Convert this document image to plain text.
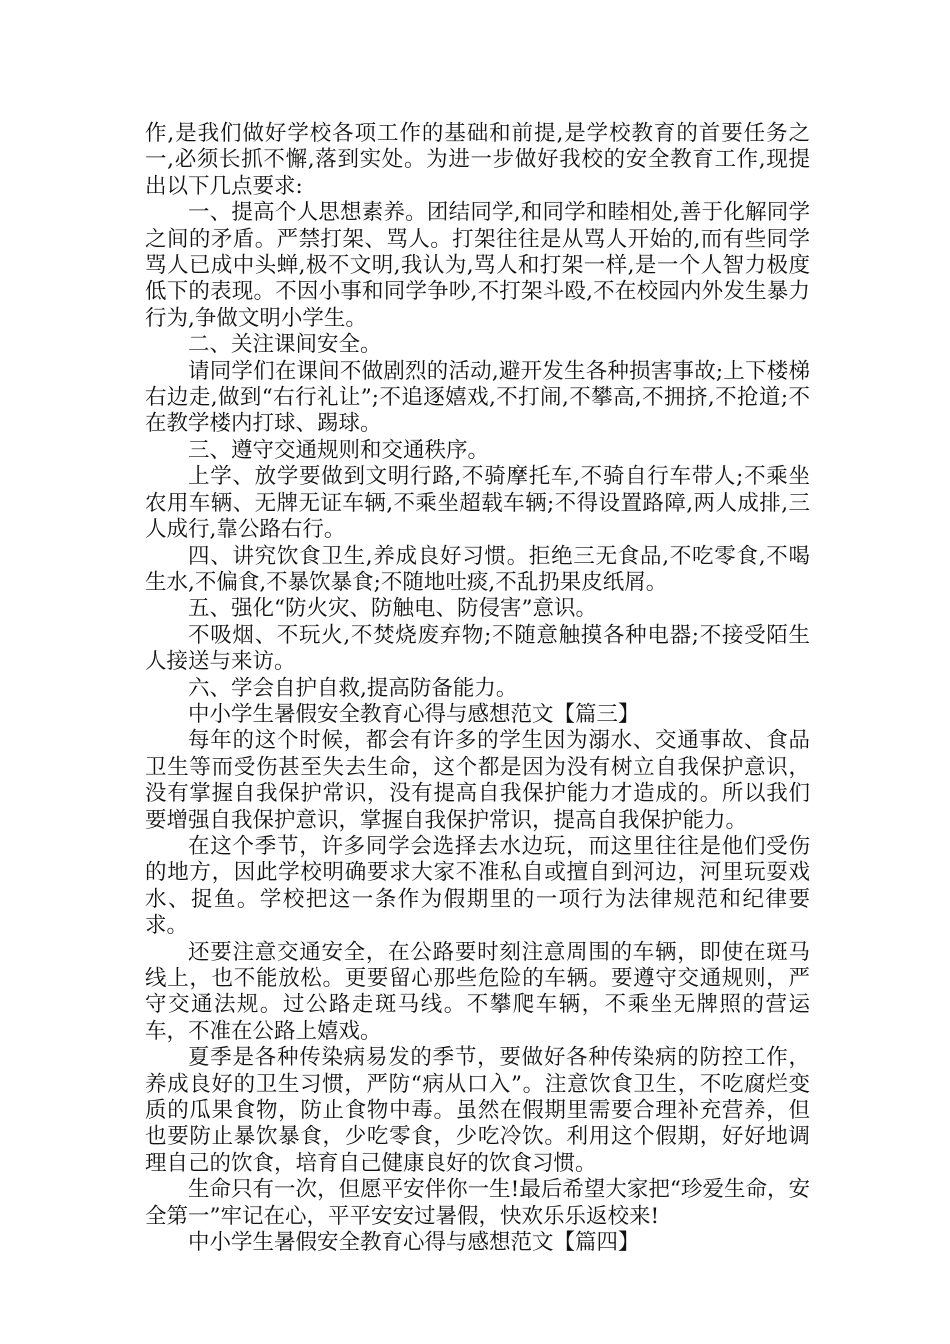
作,是我们做好学校各项工作的基础和前提,是学校教育的首要任务之一,必须长抓不懈,落到实处。为进一步做好我校的安全教育工作,现提出以下几点要求:

一、提高个人思想素养。团结同学,和同学和睦相处,善于化解同学之间的矛盾。严禁打架、骂人。打架往往是从骂人开始的,而有些同学骂人已成中头蝉,极不文明,我认为,骂人和打架一样,是一个人智力极度低下的表现。不因小事和同学争吵,不打架斗殴,不在校园内外发生暴力行为,争做文明小学生。

二、关注课间安全。

请同学们在课间不做剧烈的活动,避开发生各种损害事故;上下楼梯右边走,做到“右行礼让”;不追逐嬉戏,不打闹,不攀高,不拥挤,不抢道;不在教学楼内打球、踢球。

三、遵守交通规则和交通秩序。

上学、放学要做到文明行路,不骑摩托车,不骑自行车带人;不乘坐农用车辆、无牌无证车辆,不乘坐超载车辆;不得设置路障,两人成排,三人成行,靠公路右行。

四、讲究饮食卫生,养成良好习惯。拒绝三无食品,不吃零食,不喝生水,不偏食,不暴饮暴食;不随地吐痰,不乱扔果皮纸屑。

五、强化“防火灾、防触电、防侵害”意识。

不吸烟、不玩火,不焚烧废弃物;不随意触摸各种电器;不接受陌生人接送与来访。

六、学会自护自救,提高防备能力。

中小学生暑假安全教育心得与感想范文【篇三】

每年的这个时候，都会有许多的学生因为溺水、交通事故、食品卫生等而受伤甚至失去生命，这个都是因为没有树立自我保护意识，没有掌握自我保护常识，没有提高自我保护能力才造成的。所以我们要增强自我保护意识，掌握自我保护常识，提高自我保护能力。

在这个季节，许多同学会选择去水边玩，而这里往往是他们受伤的地方，因此学校明确要求大家不准私自或擅自到河边，河里玩耍戏水、捉鱼。学校把这一条作为假期里的一项行为法律规范和纪律要求。

还要注意交通安全，在公路要时刻注意周围的车辆，即使在斑马线上，也不能放松。更要留心那些危险的车辆。要遵守交通规则，严守交通法规。过公路走斑马线。不攀爬车辆，不乘坐无牌照的营运车，不准在公路上嬉戏。

夏季是各种传染病易发的季节，要做好各种传染病的防控工作，养成良好的卫生习惯，严防“病从口入”。注意饮食卫生，不吃腐烂变质的瓜果食物，防止食物中毒。虽然在假期里需要合理补充营养，但也要防止暴饮暴食，少吃零食，少吃冷饮。利用这个假期，好好地调理自己的饮食，培育自己健康良好的饮食习惯。

生命只有一次，但愿平安伴你一生!最后希望大家把“珍爱生命，安全第一”牢记在心，平平安安过暑假，快欢乐乐返校来!

中小学生暑假安全教育心得与感想范文【篇四】
